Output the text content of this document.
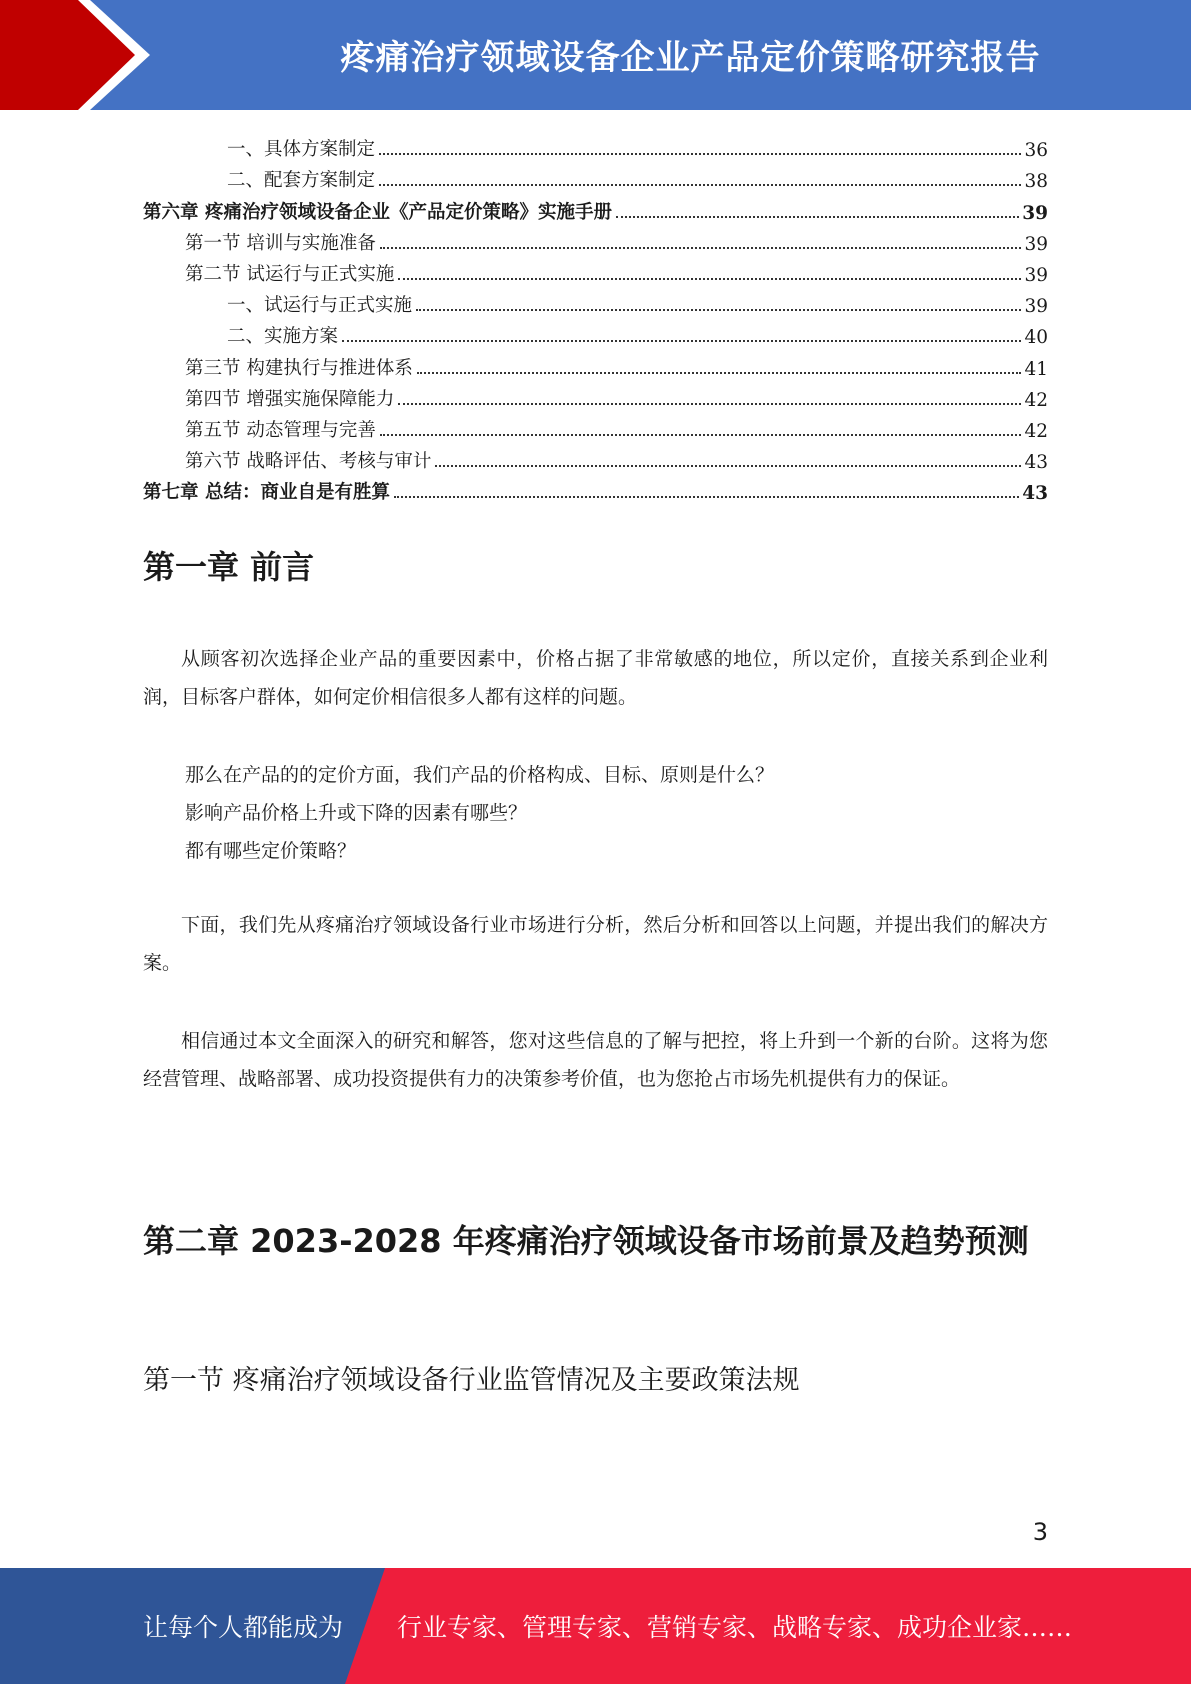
疼痛治疗领域设备企业产品定价策略研究报告
一、具体方案制定	36
二、配套方案制定	38
第六章 疼痛治疗领域设备企业《产品定价策略》实施手册	39
第一节 培训与实施准备	39
第二节 试运行与正式实施	39
一、试运行与正式实施	39
二、实施方案	40
第三节 构建执行与推进体系	41
第四节 增强实施保障能力	42
第五节 动态管理与完善	42
第六节 战略评估、考核与审计	43
第七章 总结：商业自是有胜算	43
第一章 前言
从顾客初次选择企业产品的重要因素中，价格占据了非常敏感的地位，所以定价，直接关系到企业利润，目标客户群体，如何定价相信很多人都有这样的问题。
那么在产品的的定价方面，我们产品的价格构成、目标、原则是什么？
影响产品价格上升或下降的因素有哪些？
都有哪些定价策略？
下面，我们先从疼痛治疗领域设备行业市场进行分析，然后分析和回答以上问题，并提出我们的解决方案。
相信通过本文全面深入的研究和解答，您对这些信息的了解与把控，将上升到一个新的台阶。这将为您经营管理、战略部署、成功投资提供有力的决策参考价值，也为您抢占市场先机提供有力的保证。
第二章 2023-2028 年疼痛治疗领域设备市场前景及趋势预测
第一节 疼痛治疗领域设备行业监管情况及主要政策法规
3
让每个人都能成为 行业专家、管理专家、营销专家、战略专家、成功企业家……
